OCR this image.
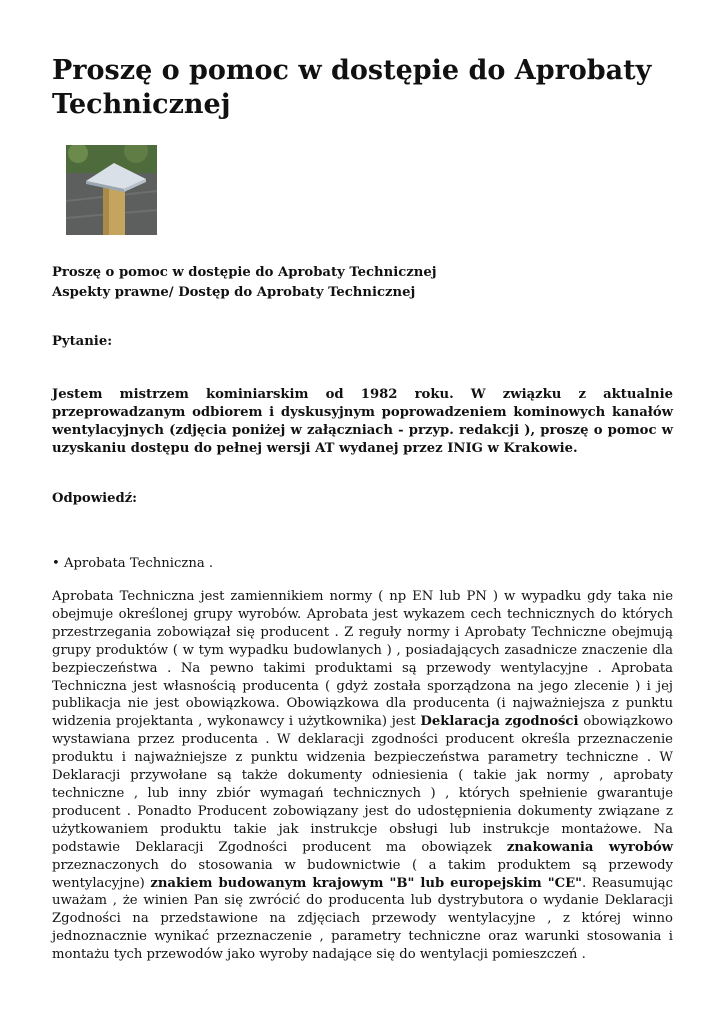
Proszę o pomoc w dostępie do Aprobaty Technicznej
Proszę o pomoc w dostępie do Aprobaty Technicznej
Aspekty prawne/ Dostęp do Aprobaty Technicznej
Pytanie:
Jestem mistrzem kominiarskim od 1982 roku. W związku z aktualnie przeprowadzanym odbiorem i dyskusyjnym poprowadzeniem kominowych kanałów wentylacyjnych (zdjęcia poniżej w załączniach - przyp. redakcji ), proszę o pomoc w uzyskaniu dostępu do pełnej wersji AT wydanej przez INIG w Krakowie.
Odpowiedź:
• Aprobata Techniczna .
Aprobata Techniczna jest zamiennikiem normy ( np EN lub PN ) w wypadku gdy taka nie obejmuje określonej grupy wyrobów. Aprobata jest wykazem cech technicznych do których przestrzegania zobowiązał się producent . Z reguły normy i Aprobaty Techniczne obejmują grupy produktów ( w tym wypadku budowlanych ) , posiadających zasadnicze znaczenie dla bezpieczeństwa . Na pewno takimi produktami są przewody wentylacyjne . Aprobata Techniczna jest własnością producenta ( gdyż została sporządzona na jego zlecenie ) i jej publikacja nie jest obowiązkowa. Obowiązkowa dla producenta (i najważniejsza z punktu widzenia projektanta , wykonawcy i użytkownika) jest Deklaracja zgodności obowiązkowo wystawiana przez producenta . W deklaracji zgodności producent określa przeznaczenie produktu i najważniejsze z punktu widzenia bezpieczeństwa parametry techniczne . W Deklaracji przywołane są także dokumenty odniesienia ( takie jak normy , aprobaty techniczne , lub inny zbiór wymagań technicznych ) , których spełnienie gwarantuje producent . Ponadto Producent zobowiązany jest do udostępnienia dokumenty związane z użytkowaniem produktu takie jak instrukcje obsługi lub instrukcje montażowe. Na podstawie Deklaracji Zgodności producent ma obowiązek znakowania wyrobów przeznaczonych do stosowania w budownictwie ( a takim produktem są przewody wentylacyjne) znakiem budowanym krajowym "B" lub europejskim "CE". Reasumując uważam , że winien Pan się zwrócić do producenta lub dystrybutora o wydanie Deklaracji Zgodności na przedstawione na zdjęciach przewody wentylacyjne , z której winno jednoznacznie wynikać przeznaczenie , parametry techniczne oraz warunki stosowania i montażu tych przewodów jako wyroby nadające się do wentylacji pomieszczeń .
